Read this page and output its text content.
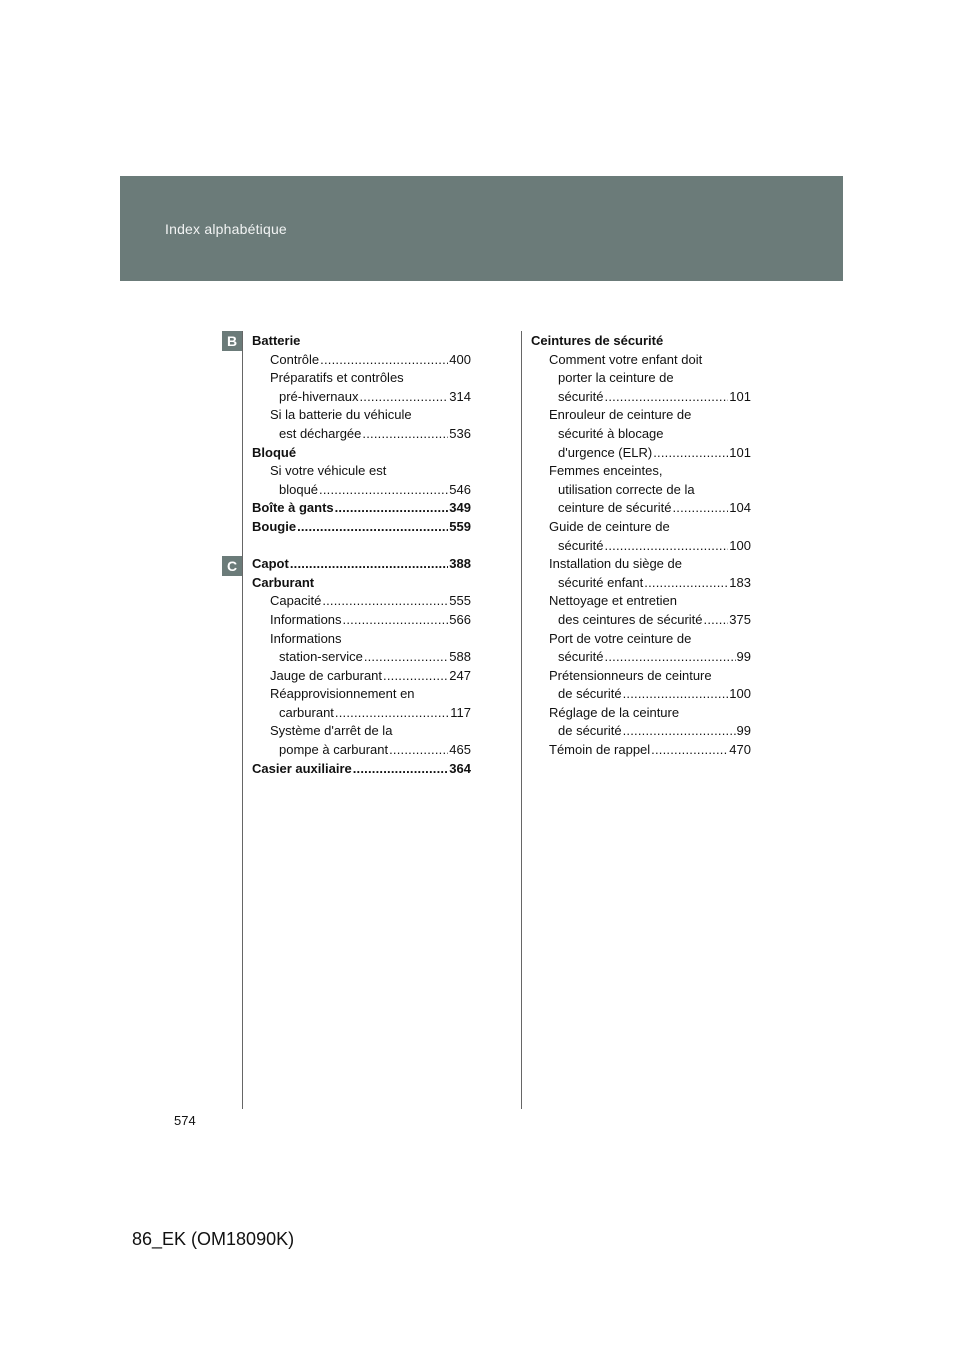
Index alphabétique
B
C
Batterie
Contrôle .....	400
Préparatifs et contrôles
pré-hivernaux .....	314
Si la batterie du véhicule
est déchargée .....	536
Bloqué
Si votre véhicule est
bloqué .....	546
Boîte à gants .....	349
Bougie .....	559
Capot .....	388
Carburant
Capacité .....	555
Informations .....	566
Informations
station-service .....	588
Jauge de carburant .....	247
Réapprovisionnement en
carburant .....	117
Système d'arrêt de la
pompe à carburant .....	465
Casier auxiliaire .....	364
Ceintures de sécurité
Comment votre enfant doit
porter la ceinture de
sécurité .....	101
Enrouleur de ceinture de
sécurité à blocage
d'urgence (ELR) .....	101
Femmes enceintes,
utilisation correcte de la
ceinture de sécurité .....	104
Guide de ceinture de
sécurité .....	100
Installation du siège de
sécurité enfant .....	183
Nettoyage et entretien
des ceintures de sécurité ..... 375
Port de votre ceinture de
sécurité .....	99
Prétensionneurs de ceinture
de sécurité .....	100
Réglage de la ceinture
de sécurité .....	99
Témoin de rappel .....	470
574
86_EK (OM18090K)
